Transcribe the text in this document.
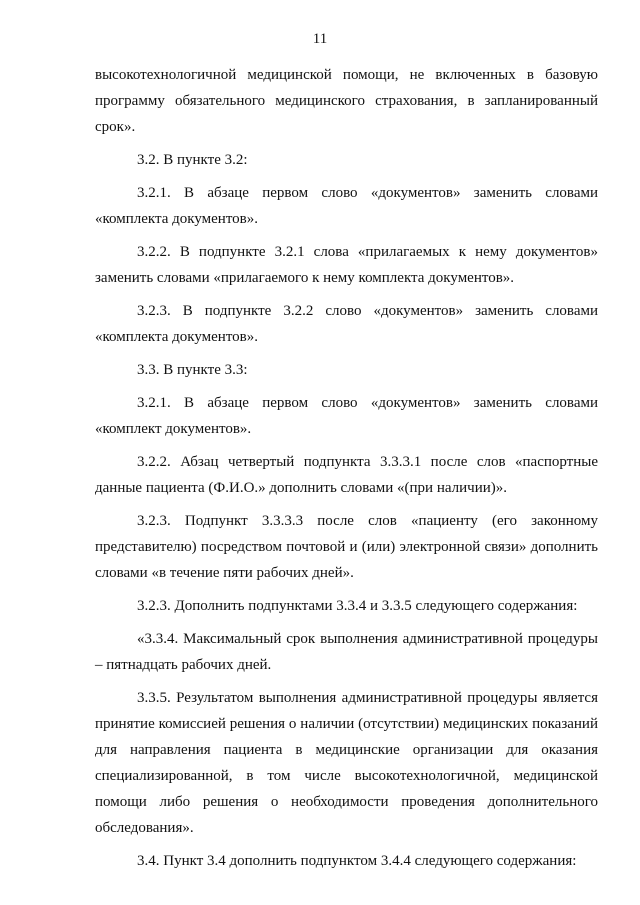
11

высокотехнологичной медицинской помощи, не включенных в базовую программу обязательного медицинского страхования, в запланированный срок».

3.2. В пункте 3.2:

3.2.1. В абзаце первом слово «документов» заменить словами «комплекта документов».

3.2.2. В подпункте 3.2.1 слова «прилагаемых к нему документов» заменить словами «прилагаемого к нему комплекта документов».

3.2.3. В подпункте 3.2.2 слово «документов» заменить словами «комплекта документов».

3.3. В пункте 3.3:

3.2.1. В абзаце первом слово «документов» заменить словами «комплект документов».

3.2.2. Абзац четвертый подпункта 3.3.3.1 после слов «паспортные данные пациента (Ф.И.О.» дополнить словами «(при наличии)».

3.2.3. Подпункт 3.3.3.3 после слов «пациенту (его законному представителю) посредством почтовой и (или) электронной связи» дополнить словами «в течение пяти рабочих дней».

3.2.3. Дополнить подпунктами 3.3.4 и 3.3.5 следующего содержания:

«3.3.4. Максимальный срок выполнения административной процедуры – пятнадцать рабочих дней.

3.3.5. Результатом выполнения административной процедуры является принятие комиссией решения о наличии (отсутствии) медицинских показаний для направления пациента в медицинские организации для оказания специализированной, в том числе высокотехнологичной, медицинской помощи либо решения о необходимости проведения дополнительного обследования».

3.4. Пункт 3.4 дополнить подпунктом 3.4.4 следующего содержания:
